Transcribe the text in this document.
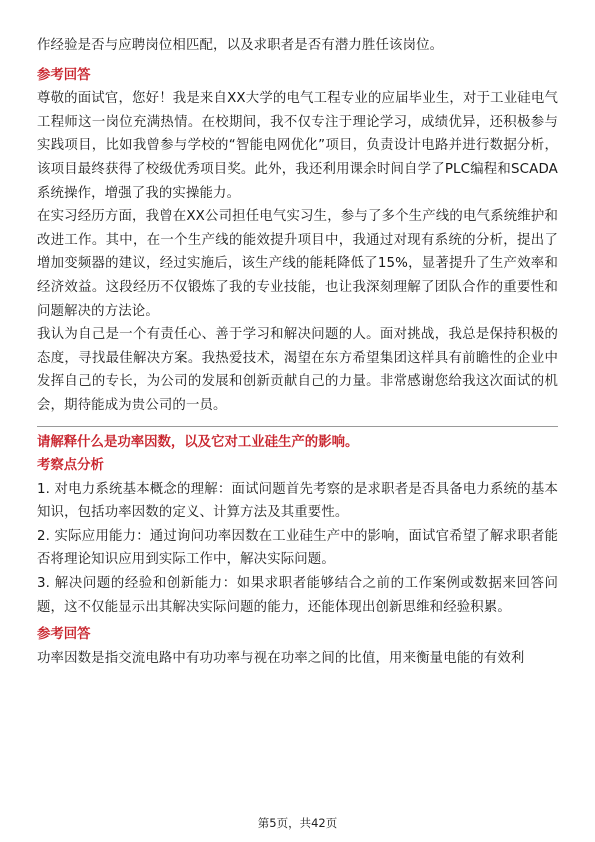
作经验是否与应聘岗位相匹配，以及求职者是否有潜力胜任该岗位。

参考回答

尊敬的面试官，您好！我是来自XX大学的电气工程专业的应届毕业生，对于工业硅电气工程师这一岗位充满热情。在校期间，我不仅专注于理论学习，成绩优异，还积极参与实践项目，比如我曾参与学校的“智能电网优化”项目，负责设计电路并进行数据分析，该项目最终获得了校级优秀项目奖。此外，我还利用课余时间自学了PLC编程和SCADA系统操作，增强了我的实操能力。

在实习经历方面，我曾在XX公司担任电气实习生，参与了多个生产线的电气系统维护和改进工作。其中，在一个生产线的能效提升项目中，我通过对现有系统的分析，提出了增加变频器的建议，经过实施后，该生产线的能耗降低了15%，显著提升了生产效率和经济效益。这段经历不仅锻炼了我的专业技能，也让我深刻理解了团队合作的重要性和问题解决的方法论。

我认为自己是一个有责任心、善于学习和解决问题的人。面对挑战，我总是保持积极的态度，寻找最佳解决方案。我热爱技术，渴望在东方希望集团这样具有前瞻性的企业中发挥自己的专长，为公司的发展和创新贡献自己的力量。非常感谢您给我这次面试的机会，期待能成为贵公司的一员。

请解释什么是功率因数，以及它对工业硅生产的影响。
考察点分析

1. 对电力系统基本概念的理解：面试问题首先考察的是求职者是否具备电力系统的基本知识，包括功率因数的定义、计算方法及其重要性。

2. 实际应用能力：通过询问功率因数在工业硅生产中的影响，面试官希望了解求职者能否将理论知识应用到实际工作中，解决实际问题。

3. 解决问题的经验和创新能力：如果求职者能够结合之前的工作案例或数据来回答问题，这不仅能显示出其解决实际问题的能力，还能体现出创新思维和经验积累。

参考回答

功率因数是指交流电路中有功功率与视在功率之间的比值，用来衡量电能的有效利

第5页，共42页
